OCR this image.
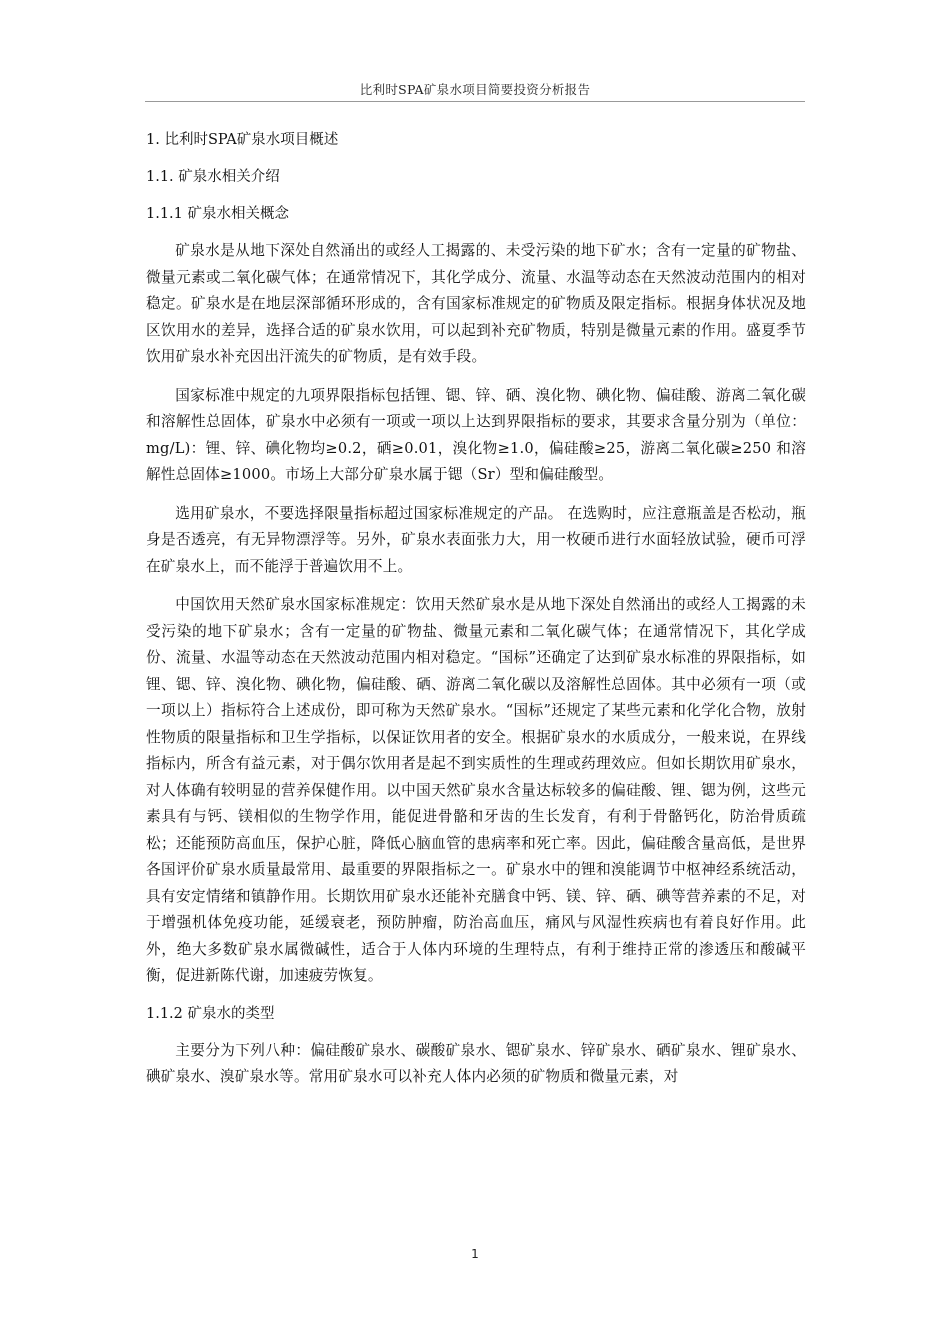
比利时SPA矿泉水项目简要投资分析报告

1. 比利时SPA矿泉水项目概述

1.1. 矿泉水相关介绍

1.1.1 矿泉水相关概念

矿泉水是从地下深处自然涌出的或经人工揭露的、未受污染的地下矿水；含有一定量的矿物盐、微量元素或二氧化碳气体；在通常情况下，其化学成分、流量、水温等动态在天然波动范围内的相对稳定。矿泉水是在地层深部循环形成的，含有国家标准规定的矿物质及限定指标。根据身体状况及地区饮用水的差异，选择合适的矿泉水饮用，可以起到补充矿物质，特别是微量元素的作用。盛夏季节饮用矿泉水补充因出汗流失的矿物质，是有效手段。

国家标准中规定的九项界限指标包括锂、锶、锌、硒、溴化物、碘化物、偏硅酸、游离二氧化碳和溶解性总固体，矿泉水中必须有一项或一项以上达到界限指标的要求，其要求含量分别为（单位：mg/L)：锂、锌、碘化物均≥0.2，硒≥0.01，溴化物≥1.0，偏硅酸≥25，游离二氧化碳≥250 和溶解性总固体≥1000。市场上大部分矿泉水属于锶（Sr）型和偏硅酸型。

选用矿泉水，不要选择限量指标超过国家标准规定的产品。 在选购时，应注意瓶盖是否松动，瓶身是否透亮，有无异物漂浮等。另外，矿泉水表面张力大，用一枚硬币进行水面轻放试验，硬币可浮在矿泉水上，而不能浮于普遍饮用不上。

中国饮用天然矿泉水国家标准规定：饮用天然矿泉水是从地下深处自然涌出的或经人工揭露的未受污染的地下矿泉水；含有一定量的矿物盐、微量元素和二氧化碳气体；在通常情况下，其化学成份、流量、水温等动态在天然波动范围内相对稳定。“国标”还确定了达到矿泉水标准的界限指标，如锂、锶、锌、溴化物、碘化物，偏硅酸、硒、游离二氧化碳以及溶解性总固体。其中必须有一项（或一项以上）指标符合上述成份，即可称为天然矿泉水。“国标”还规定了某些元素和化学化合物，放射性物质的限量指标和卫生学指标，以保证饮用者的安全。根据矿泉水的水质成分，一般来说，在界线指标内，所含有益元素，对于偶尔饮用者是起不到实质性的生理或药理效应。但如长期饮用矿泉水，对人体确有较明显的营养保健作用。以中国天然矿泉水含量达标较多的偏硅酸、锂、锶为例，这些元素具有与钙、镁相似的生物学作用，能促进骨骼和牙齿的生长发育，有利于骨骼钙化，防治骨质疏松；还能预防高血压，保护心脏，降低心脑血管的患病率和死亡率。因此，偏硅酸含量高低，是世界各国评价矿泉水质量最常用、最重要的界限指标之一。矿泉水中的锂和溴能调节中枢神经系统活动，具有安定情绪和镇静作用。长期饮用矿泉水还能补充膳食中钙、镁、锌、硒、碘等营养素的不足，对于增强机体免疫功能，延缓衰老，预防肿瘤，防治高血压，痛风与风湿性疾病也有着良好作用。此外，绝大多数矿泉水属微碱性，适合于人体内环境的生理特点，有利于维持正常的渗透压和酸碱平衡，促进新陈代谢，加速疲劳恢复。

1.1.2 矿泉水的类型

主要分为下列八种：偏硅酸矿泉水、碳酸矿泉水、锶矿泉水、锌矿泉水、硒矿泉水、锂矿泉水、碘矿泉水、溴矿泉水等。常用矿泉水可以补充人体内必须的矿物质和微量元素，对

1
